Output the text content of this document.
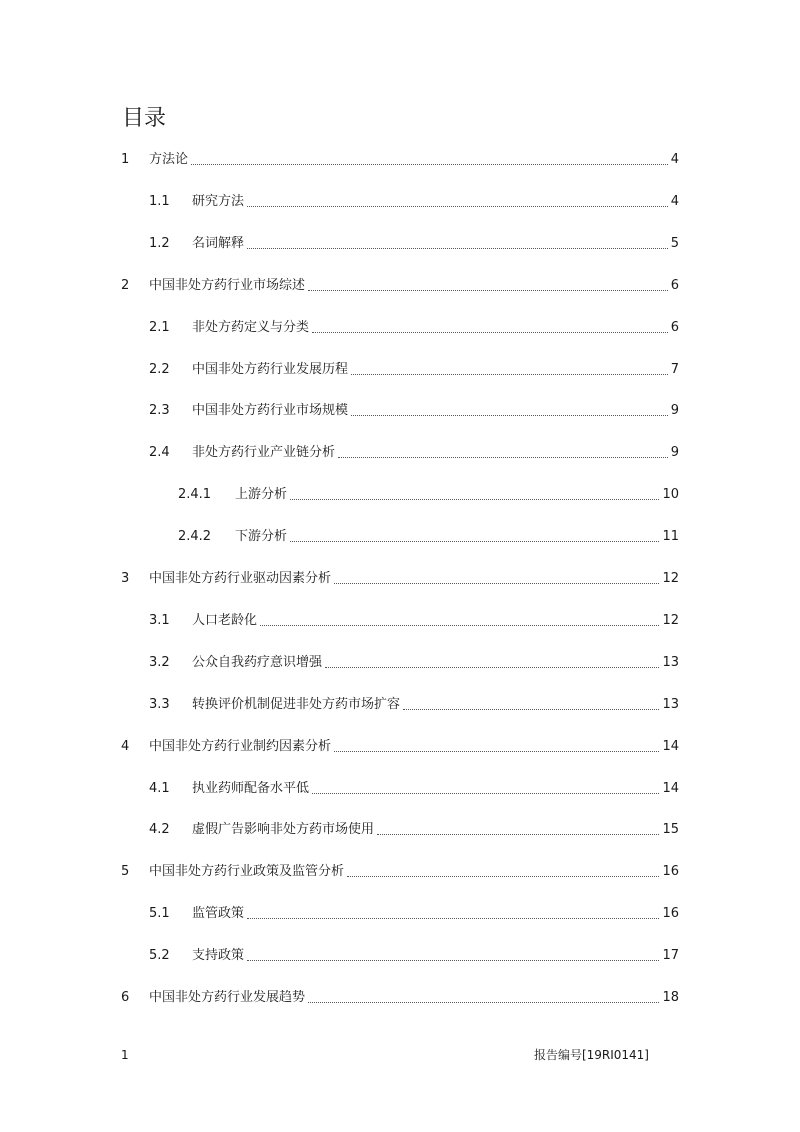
目录
1	方法论	4
1.1	研究方法	4
1.2	名词解释	5
2	中国非处方药行业市场综述	6
2.1	非处方药定义与分类	6
2.2	中国非处方药行业发展历程	7
2.3	中国非处方药行业市场规模	9
2.4	非处方药行业产业链分析	9
2.4.1	上游分析	10
2.4.2	下游分析	11
3	中国非处方药行业驱动因素分析	12
3.1	人口老龄化	12
3.2	公众自我药疗意识增强	13
3.3	转换评价机制促进非处方药市场扩容	13
4	中国非处方药行业制约因素分析	14
4.1	执业药师配备水平低	14
4.2	虚假广告影响非处方药市场使用	15
5	中国非处方药行业政策及监管分析	16
5.1	监管政策	16
5.2	支持政策	17
6	中国非处方药行业发展趋势	18
1	报告编号[19RI0141]
